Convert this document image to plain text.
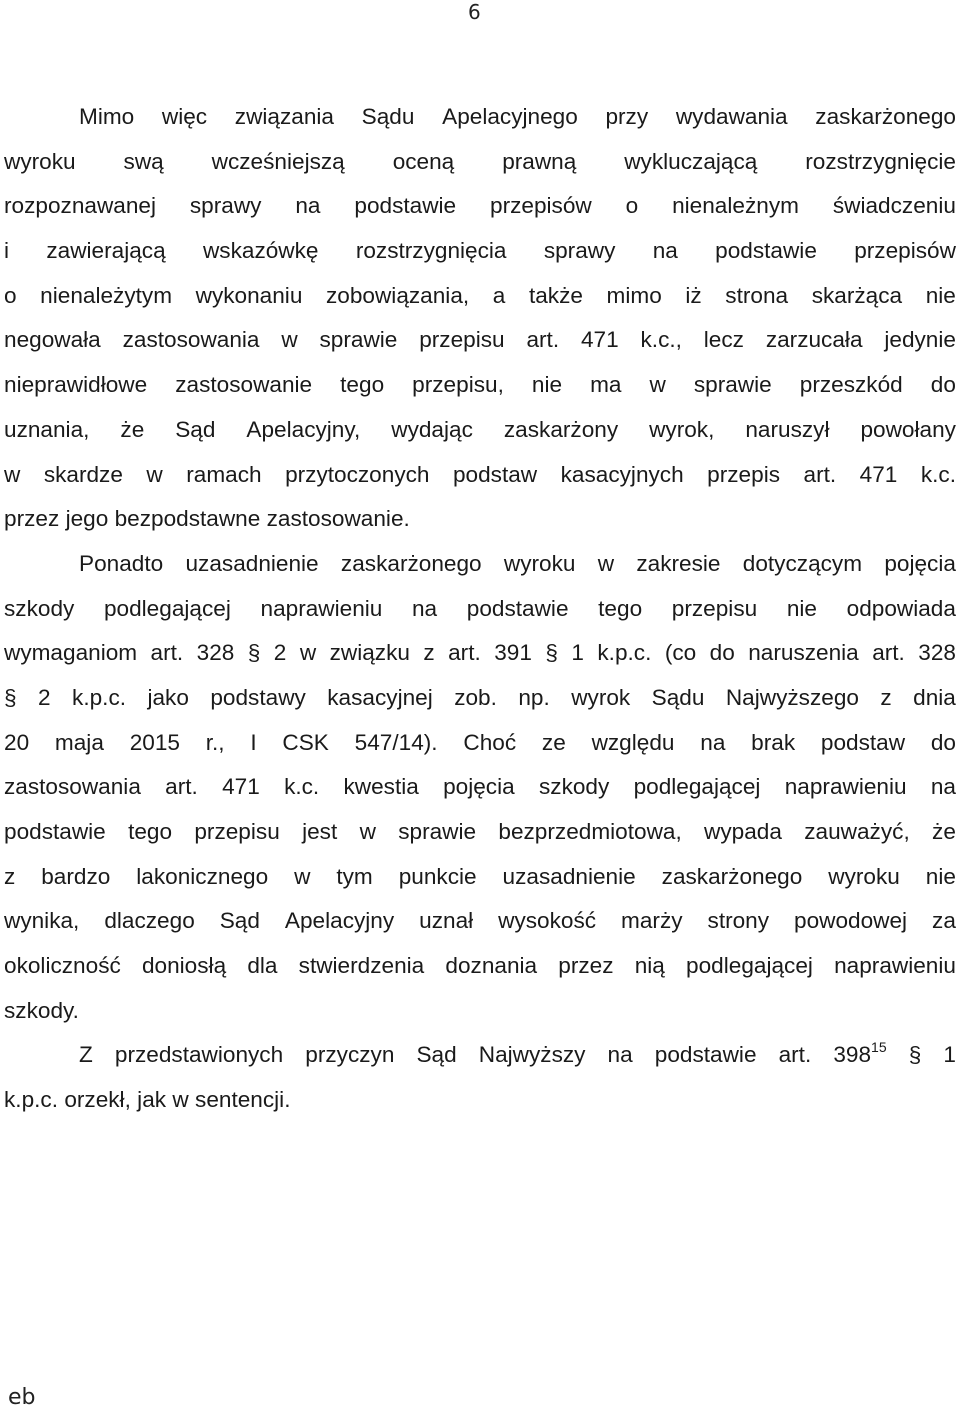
6
Mimo więc związania Sądu Apelacyjnego przy wydawania zaskarżonego
wyroku swą wcześniejszą oceną prawną wykluczającą rozstrzygnięcie
rozpoznawanej sprawy na podstawie przepisów o nienależnym świadczeniu
i zawierającą wskazówkę rozstrzygnięcia sprawy na podstawie przepisów
o nienależytym wykonaniu zobowiązania, a także mimo iż strona skarżąca nie
negowała zastosowania w sprawie przepisu art. 471 k.c., lecz zarzucała jedynie
nieprawidłowe zastosowanie tego przepisu, nie ma w sprawie przeszkód do
uznania, że Sąd Apelacyjny, wydając zaskarżony wyrok, naruszył powołany
w skardze w ramach przytoczonych podstaw kasacyjnych przepis art. 471 k.c.
przez jego bezpodstawne zastosowanie.
Ponadto uzasadnienie zaskarżonego wyroku w zakresie dotyczącym pojęcia
szkody podlegającej naprawieniu na podstawie tego przepisu nie odpowiada
wymaganiom art. 328 § 2 w związku z art. 391 § 1 k.p.c. (co do naruszenia art. 328
§ 2 k.p.c. jako podstawy kasacyjnej zob. np. wyrok Sądu Najwyższego z dnia
20 maja 2015 r., I CSK 547/14). Choć ze względu na brak podstaw do
zastosowania art. 471 k.c. kwestia pojęcia szkody podlegającej naprawieniu na
podstawie tego przepisu jest w sprawie bezprzedmiotowa, wypada zauważyć, że
z bardzo lakonicznego w tym punkcie uzasadnienie zaskarżonego wyroku nie
wynika, dlaczego Sąd Apelacyjny uznał wysokość marży strony powodowej za
okoliczność doniosłą dla stwierdzenia doznania przez nią podlegającej naprawieniu
szkody.
Z przedstawionych przyczyn Sąd Najwyższy na podstawie art. $398^{15}$ § 1
k.p.c. orzekł, jak w sentencji.
eb
